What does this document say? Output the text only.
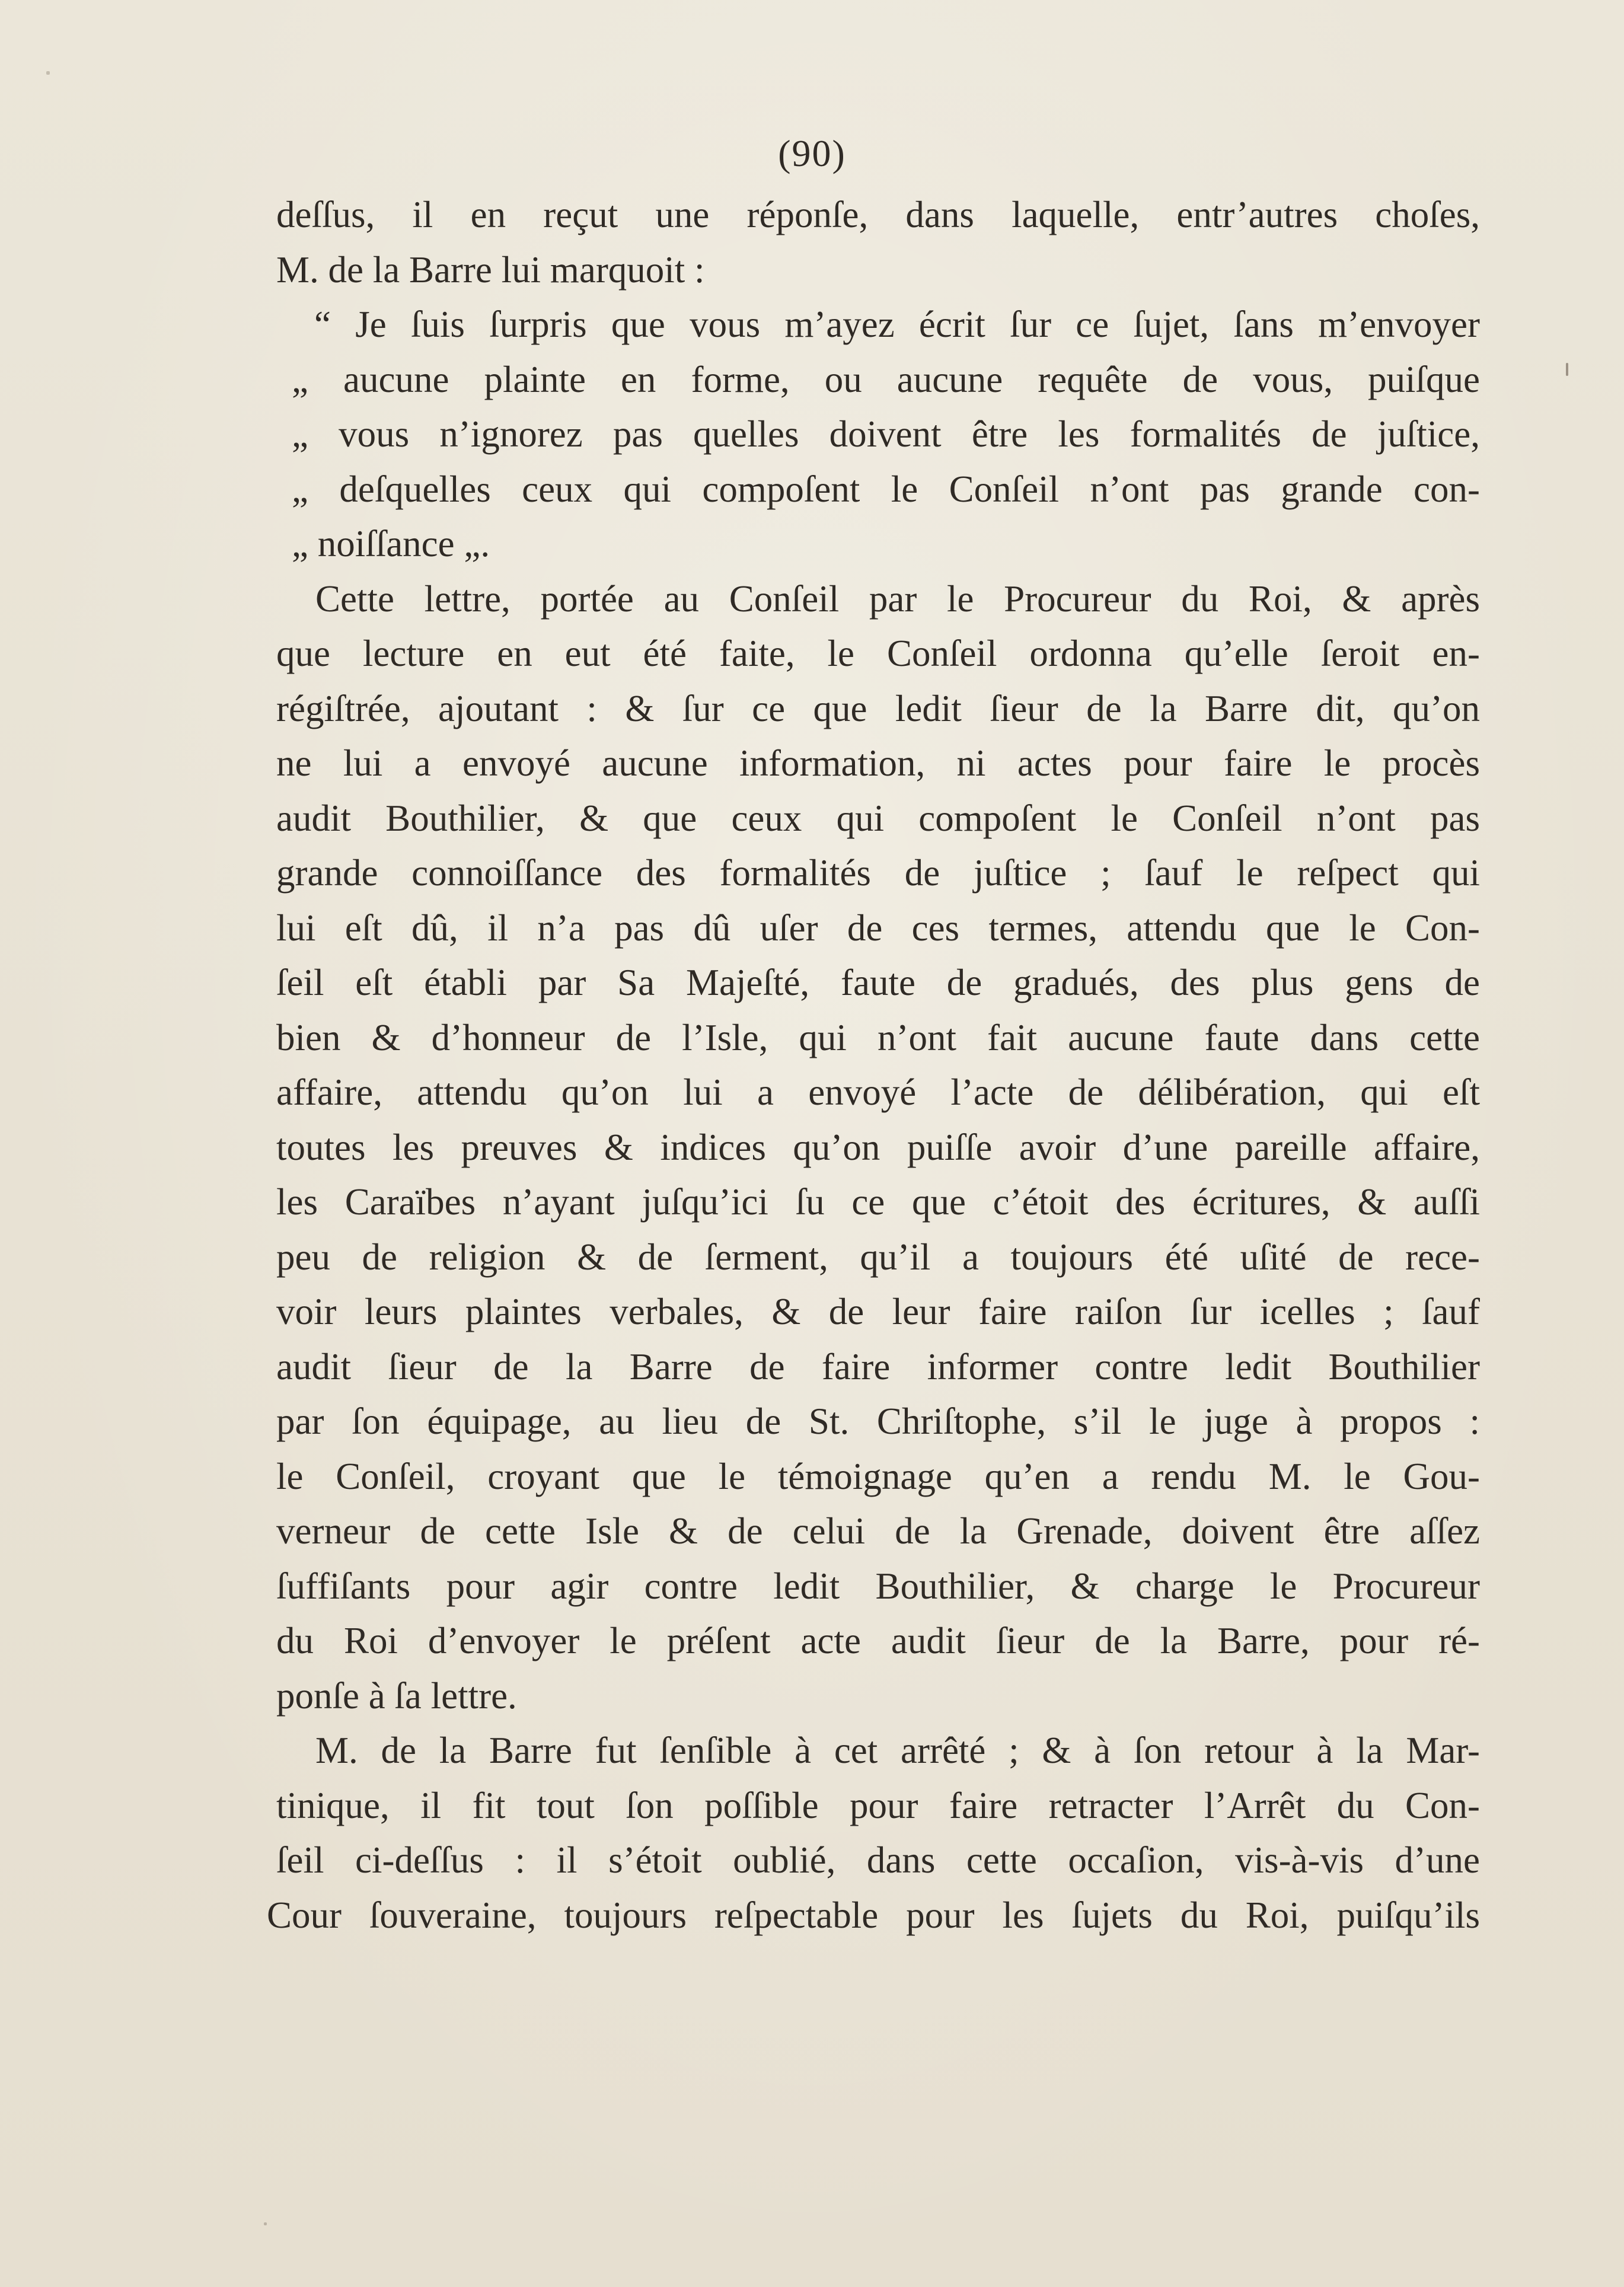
(90)
deſſus, il en reçut une réponſe, dans laquelle, entr’autres choſes,
M. de la Barre lui marquoit :
“ Je ſuis ſurpris que vous m’ayez écrit ſur ce ſujet, ſans m’envoyer
„ aucune plainte en forme, ou aucune requête de vous, puiſque
„ vous n’ignorez pas quelles doivent être les formalités de juſtice,
„ deſquelles ceux qui compoſent le Conſeil n’ont pas grande con-
„ noiſſance „.
Cette lettre, portée au Conſeil par le Procureur du Roi, & après
que lecture en eut été faite, le Conſeil ordonna qu’elle ſeroit en-
régiſtrée, ajoutant : & ſur ce que ledit ſieur de la Barre dit, qu’on
ne lui a envoyé aucune information, ni actes pour faire le procès
audit Bouthilier, & que ceux qui compoſent le Conſeil n’ont pas
grande connoiſſance des formalités de juſtice ; ſauf le reſpect qui
lui eſt dû, il n’a pas dû uſer de ces termes, attendu que le Con-
ſeil eſt établi par Sa Majeſté, faute de gradués, des plus gens de
bien & d’honneur de l’Isle, qui n’ont fait aucune faute dans cette
affaire, attendu qu’on lui a envoyé l’acte de délibération, qui eſt
toutes les preuves & indices qu’on puiſſe avoir d’une pareille affaire,
les Caraïbes n’ayant juſqu’ici ſu ce que c’étoit des écritures, & auſſi
peu de religion & de ſerment, qu’il a toujours été uſité de rece-
voir leurs plaintes verbales, & de leur faire raiſon ſur icelles ; ſauf
audit ſieur de la Barre de faire informer contre ledit Bouthilier
par ſon équipage, au lieu de St. Chriſtophe, s’il le juge à propos :
le Conſeil, croyant que le témoignage qu’en a rendu M. le Gou-
verneur de cette Isle & de celui de la Grenade, doivent être aſſez
ſuffiſants pour agir contre ledit Bouthilier, & charge le Procureur
du Roi d’envoyer le préſent acte audit ſieur de la Barre, pour ré-
ponſe à ſa lettre.
M. de la Barre fut ſenſible à cet arrêté ; & à ſon retour à la Mar-
tinique, il fit tout ſon poſſible pour faire retracter l’Arrêt du Con-
ſeil ci-deſſus : il s’étoit oublié, dans cette occaſion, vis-à-vis d’une
Cour ſouveraine, toujours reſpectable pour les ſujets du Roi, puiſqu’ils
